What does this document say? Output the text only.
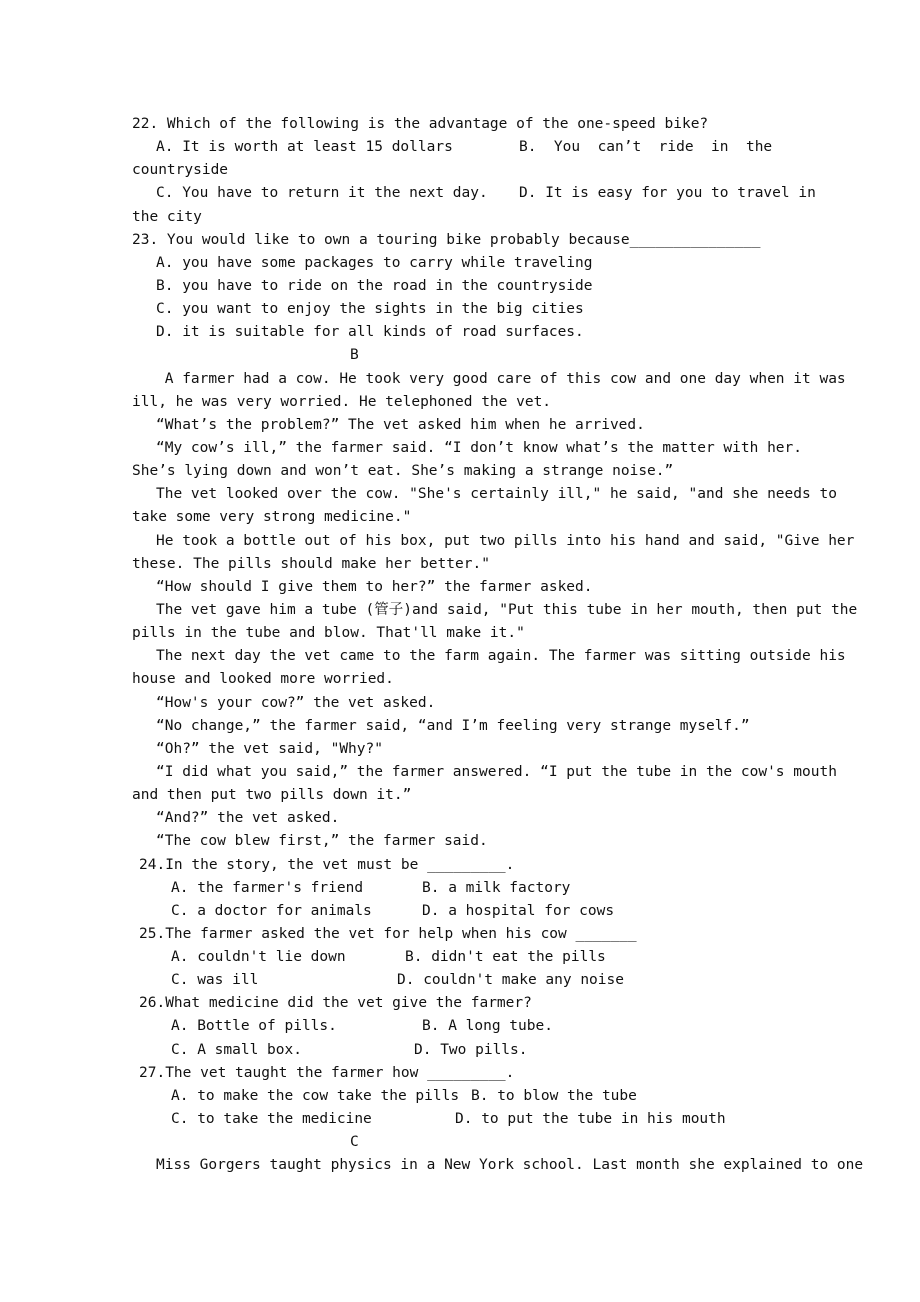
22. Which of the following is the advantage of the one-speed bike?
A. It is worth at least 15 dollars	B.  You  can’t  ride  in  the
countryside
C. You have to return it the next day. D. It is easy for you to travel in
the city
23. You would like to own a touring bike probably because_______________
A. you have some packages to carry while traveling
B. you have to ride on the road in the countryside
C. you want to enjoy the sights in the big cities
D. it is suitable for all kinds of road surfaces.
B
A farmer had a cow. He took very good care of this cow and one day when it was
ill, he was very worried. He telephoned the vet.
“What’s the problem?” The vet asked him when he arrived.
“My cow’s ill,” the farmer said. “I don’t know what’s the matter with her.
She’s lying down and won’t eat. She’s making a strange noise.”
The vet looked over the cow. "She's certainly ill," he said, "and she needs to
take some very strong medicine."
He took a bottle out of his box, put two pills into his hand and said, "Give her
these. The pills should make her better."
“How should I give them to her?” the farmer asked.
The vet gave him a tube (管子)and said, "Put this tube in her mouth, then put the
pills in the tube and blow. That'll make it."
The next day the vet came to the farm again. The farmer was sitting outside his
house and looked more worried.
“How's your cow?” the vet asked.
“No change,” the farmer said, “and I’m feeling very strange myself.”
“Oh?” the vet said, "Why?"
“I did what you said,” the farmer answered. “I put the tube in the cow's mouth
and then put two pills down it.”
“And?” the vet asked.
“The cow blew first,” the farmer said.
24.In the story, the vet must be _________.
A. the farmer's friend	B. a milk factory
C. a doctor for animals	D. a hospital for cows
25.The farmer asked the vet for help when his cow _______
A. couldn't lie down	B. didn't eat the pills
C. was ill	D. couldn't make any noise
26.What medicine did the vet give the farmer?
A. Bottle of pills.	B. A long tube.
C. A small box.	D. Two pills.
27.The vet taught the farmer how _________.
A. to make the cow take the pills B. to blow the tube
C. to take the medicine	D. to put the tube in his mouth
C
Miss Gorgers taught physics in a New York school. Last month she explained to one
